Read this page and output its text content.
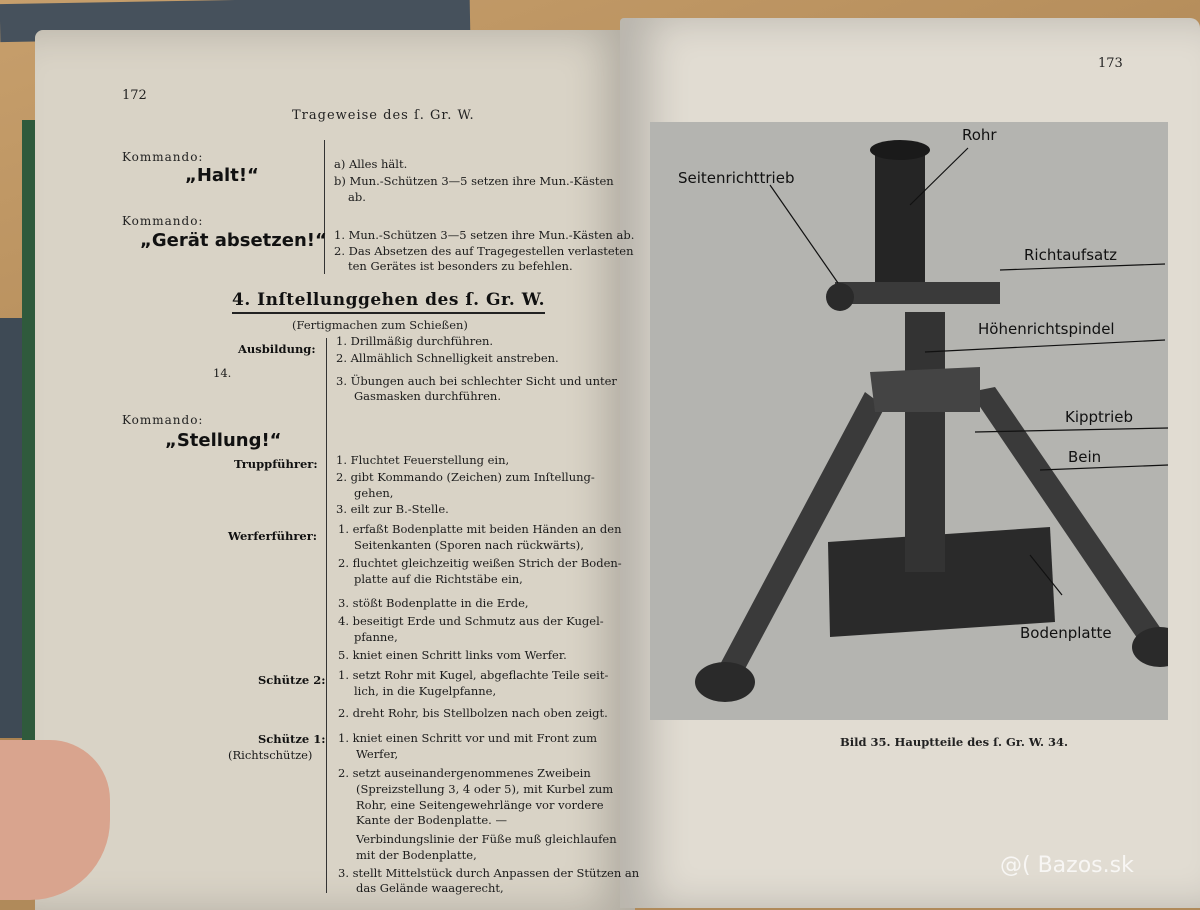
172
Trageweise des ſ. Gr. W.
Kommando:
„Halt!“
a) Alles hält.
b) Mun.-Schützen 3—5 setzen ihre Mun.-Kästen
ab.
Kommando:
„Gerät absetzen!“ 1. Mun.-Schützen 3—5 setzen ihre Mun.-Kästen ab.
2. Das Absetzen des auf Tragegestellen verlasteten
ten Gerätes ist besonders zu befehlen.
4. Inſtellunggehen des ſ. Gr. W.
(Fertigmachen zum Schießen)
Ausbildung:
14.
1. Drillmäßig durchführen.
2. Allmählich Schnelligkeit anstreben.
3. Übungen auch bei schlechter Sicht und unter
Gasmasken durchführen.
Kommando:
„Stellung!“
Truppführer: 1. Fluchtet Feuerstellung ein,
2. gibt Kommando (Zeichen) zum Inſtellung-
gehen,
3. eilt zur B.-Stelle.
Werferführer: 1. erfaßt Bodenplatte mit beiden Händen an den
Seitenkanten (Sporen nach rückwärts),
2. fluchtet gleichzeitig weißen Strich der Boden-
platte auf die Richtstäbe ein,
3. stößt Bodenplatte in die Erde,
4. beseitigt Erde und Schmutz aus der Kugel-
pfanne,
5. kniet einen Schritt links vom Werfer.
Schütze 2: 1. setzt Rohr mit Kugel, abgeflachte Teile seit-
lich, in die Kugelpfanne,
2. dreht Rohr, bis Stellbolzen nach oben zeigt.
Schütze 1:
(Richtschütze)
1. kniet einen Schritt vor und mit Front zum
Werfer,
2. setzt auseinandergenommenes Zweibein
(Spreizstellung 3, 4 oder 5), mit Kurbel zum
Rohr, eine Seitengewehrlänge vor vordere
Kante der Bodenplatte. —
Verbindungslinie der Füße muß gleichlaufen
mit der Bodenplatte,
3. stellt Mittelstück durch Anpassen der Stützen an
das Gelände waagerecht,
173
Rohr
Seitenrichttrieb
Richtaufsatz
Höhenrichtspindel
Kipptrieb
Bein
Bodenplatte
Bild 35. Hauptteile des ſ. Gr. W. 34.
@( Bazos.sk
